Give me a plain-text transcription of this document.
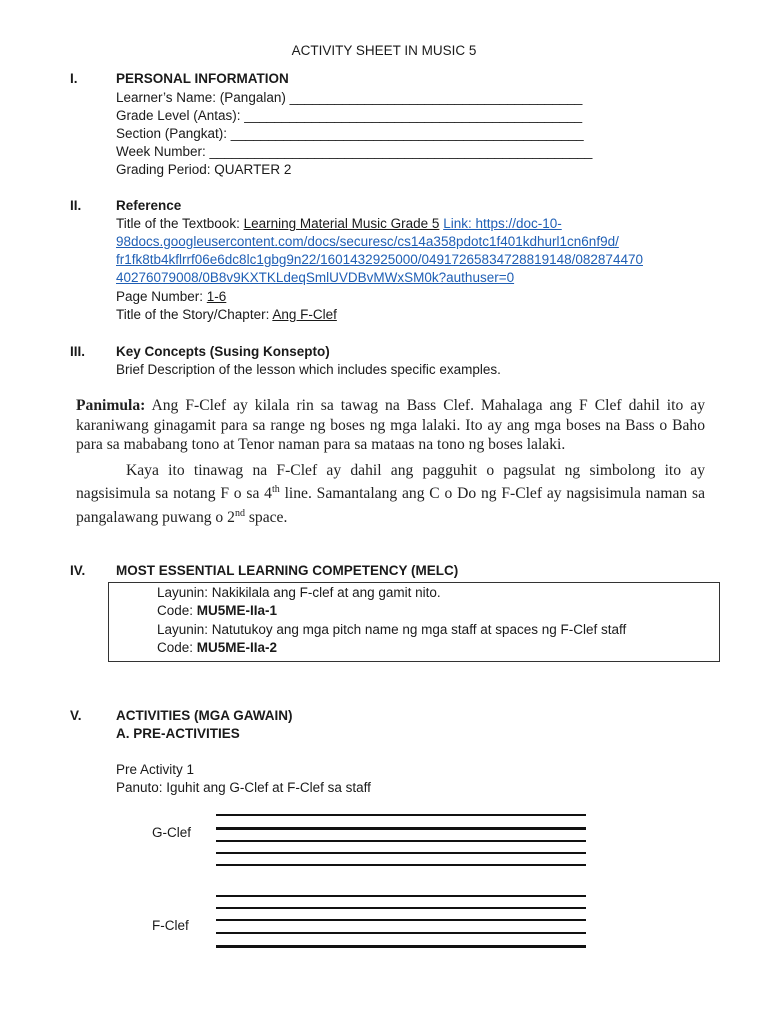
ACTIVITY SHEET IN MUSIC 5
I.	PERSONAL INFORMATION
Learner’s Name: (Pangalan) _______________________________________
Grade Level (Antas): _____________________________________________
Section (Pangkat): _______________________________________________
Week Number: ___________________________________________________
Grading Period: QUARTER 2
II.	Reference
Title of the Textbook: Learning Material Music Grade 5 Link: https://doc-10-
98docs.googleusercontent.com/docs/securesc/cs14a358pdotc1f401kdhurl1cn6nf9d/
fr1fk8tb4kflrrf06e6dc8lc1gbg9n22/1601432925000/04917265834728819148/082874470
40276079008/0B8v9KXTKLdeqSmlUVDBvMWxSM0k?authuser=0
Page Number: 1-6
Title of the Story/Chapter: Ang F-Clef
III. Key Concepts (Susing Konsepto)
Brief Description of the lesson which includes specific examples.

Panimula: Ang F-Clef ay kilala rin sa tawag na Bass Clef. Mahalaga ang F Clef dahil ito ay karaniwang ginagamit para sa range ng boses ng mga lalaki. Ito ay ang mga boses na Bass o Baho para sa mababang tono at Tenor naman para sa mataas na tono ng boses lalaki.

Kaya ito tinawag na F-Clef ay dahil ang pagguhit o pagsulat ng simbolong ito ay nagsisimula sa notang F o sa 4th line. Samantalang ang C o Do ng F-Clef ay nagsisimula naman sa pangalawang puwang o 2nd space.

IV. MOST ESSENTIAL LEARNING COMPETENCY (MELC)
Layunin: Nakikilala ang F-clef at ang gamit nito.
Code: MU5ME-IIa-1
Layunin: Natutukoy ang mga pitch name ng mga staff at spaces ng F-Clef staff
Code: MU5ME-IIa-2
V.	ACTIVITIES (MGA GAWAIN)
A. PRE-ACTIVITIES
Pre Activity 1
Panuto: Iguhit ang G-Clef at F-Clef sa staff
G-Clef
F-Clef
